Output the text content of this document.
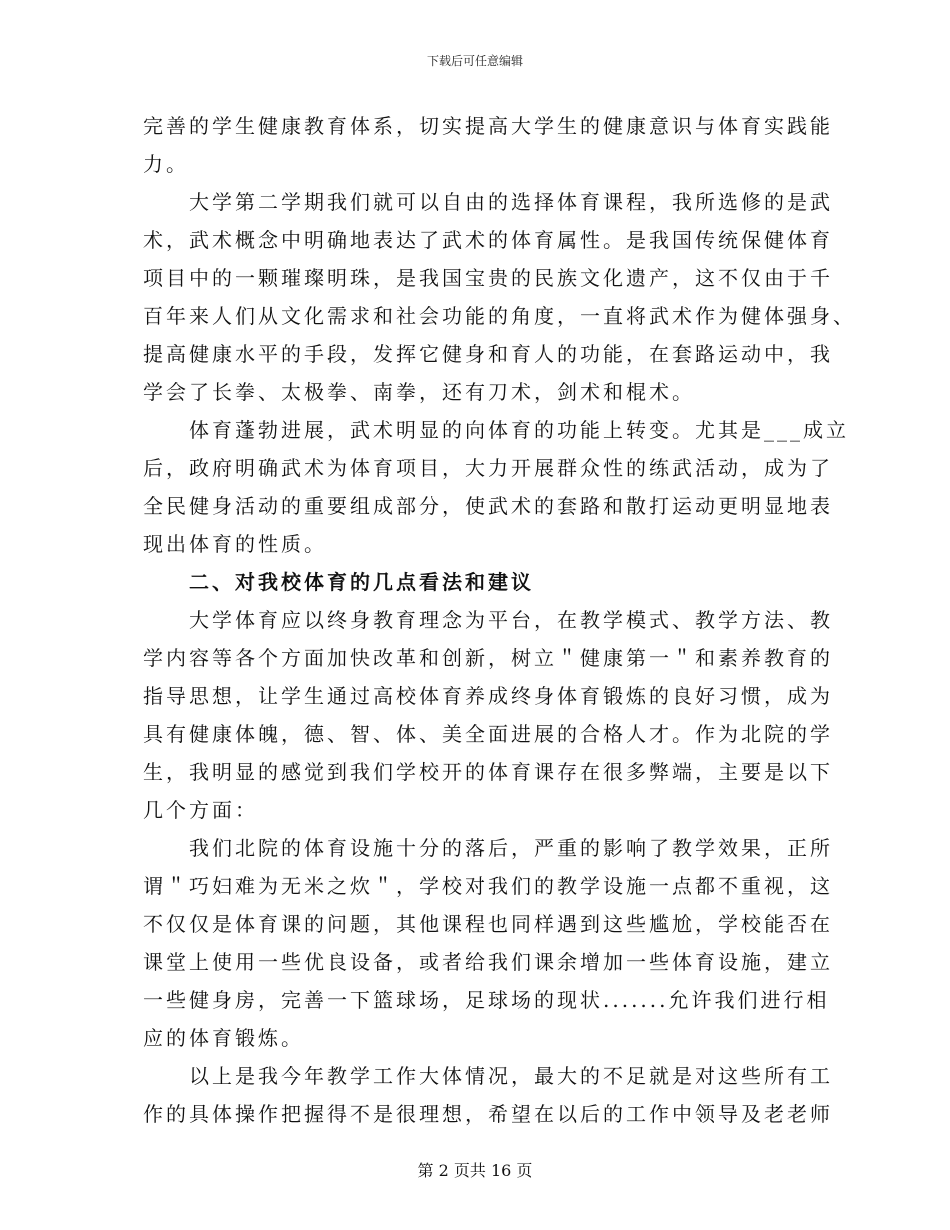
下载后可任意编辑
完善的学生健康教育体系，切实提高大学生的健康意识与体育实践能
力。
大学第二学期我们就可以自由的选择体育课程，我所选修的是武
术，武术概念中明确地表达了武术的体育属性。是我国传统保健体育
项目中的一颗璀璨明珠，是我国宝贵的民族文化遗产，这不仅由于千
百年来人们从文化需求和社会功能的角度，一直将武术作为健体强身、
提高健康水平的手段，发挥它健身和育人的功能，在套路运动中，我
学会了长拳、太极拳、南拳，还有刀术，剑术和棍术。
体育蓬勃进展，武术明显的向体育的功能上转变。尤其是___成立
后，政府明确武术为体育项目，大力开展群众性的练武活动，成为了
全民健身活动的重要组成部分，使武术的套路和散打运动更明显地表
现出体育的性质。
二、对我校体育的几点看法和建议
大学体育应以终身教育理念为平台，在教学模式、教学方法、教
学内容等各个方面加快改革和创新，树立＂健康第一＂和素养教育的
指导思想，让学生通过高校体育养成终身体育锻炼的良好习惯，成为
具有健康体魄，德、智、体、美全面进展的合格人才。作为北院的学
生，我明显的感觉到我们学校开的体育课存在很多弊端，主要是以下
几个方面：
我们北院的体育设施十分的落后，严重的影响了教学效果，正所
谓＂巧妇难为无米之炊＂，学校对我们的教学设施一点都不重视，这
不仅仅是体育课的问题，其他课程也同样遇到这些尴尬，学校能否在
课堂上使用一些优良设备，或者给我们课余增加一些体育设施，建立
一些健身房，完善一下篮球场，足球场的现状.......允许我们进行相
应的体育锻炼。
以上是我今年教学工作大体情况，最大的不足就是对这些所有工
作的具体操作把握得不是很理想，希望在以后的工作中领导及老老师
第 2 页共 16 页
